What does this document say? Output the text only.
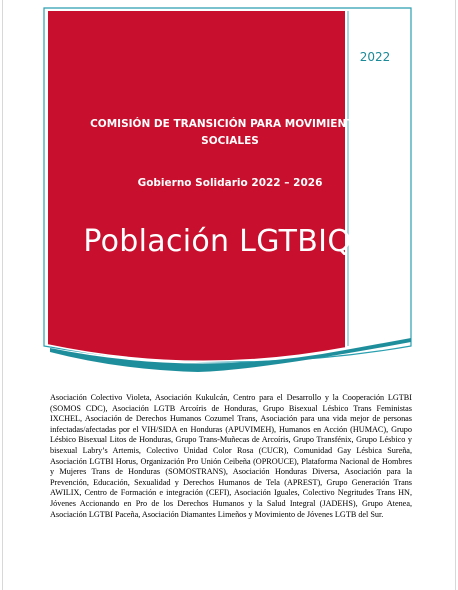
2022
COMISIÓN DE TRANSICIÓN PARA MOVIMIENTOS SOCIALES
Gobierno Solidario 2022 – 2026
Población LGTBIQ+

Asociación Colectivo Violeta, Asociación Kukulcán, Centro para el Desarrollo y la Cooperación LGTBI (SOMOS CDC), Asociación LGTB Arcoíris de Honduras, Grupo Bisexual Lésbico Trans Feministas IXCHEL, Asociación de Derechos Humanos Cozumel Trans, Asociación para una vida mejor de personas infectadas/afectadas por el VIH/SIDA en Honduras (APUVIMEH), Humanos en Acción (HUMAC), Grupo Lésbico Bisexual Litos de Honduras, Grupo Trans-Muñecas de Arcoíris, Grupo Transfénix, Grupo Lésbico y bisexual Labry’s Artemis, Colectivo Unidad Color Rosa (CUCR), Comunidad Gay Lésbica Sureña, Asociación LGTBI Horus, Organización Pro Unión Ceibeña (OPROUCE), Plataforma Nacional de Hombres y Mujeres Trans de Honduras (SOMOSTRANS), Asociación Honduras Diversa, Asociación para la Prevención, Educación, Sexualidad y Derechos Humanos de Tela (APREST), Grupo Generación Trans AWILIX, Centro de Formación e integración (CEFI), Asociación Iguales, Colectivo Negritudes Trans HN, Jóvenes Accionando en Pro de los Derechos Humanos y la Salud Integral (JADEHS), Grupo Atenea, Asociación LGTBI Paceña, Asociación Diamantes Limeños y Movimiento de Jóvenes LGTB del Sur.
